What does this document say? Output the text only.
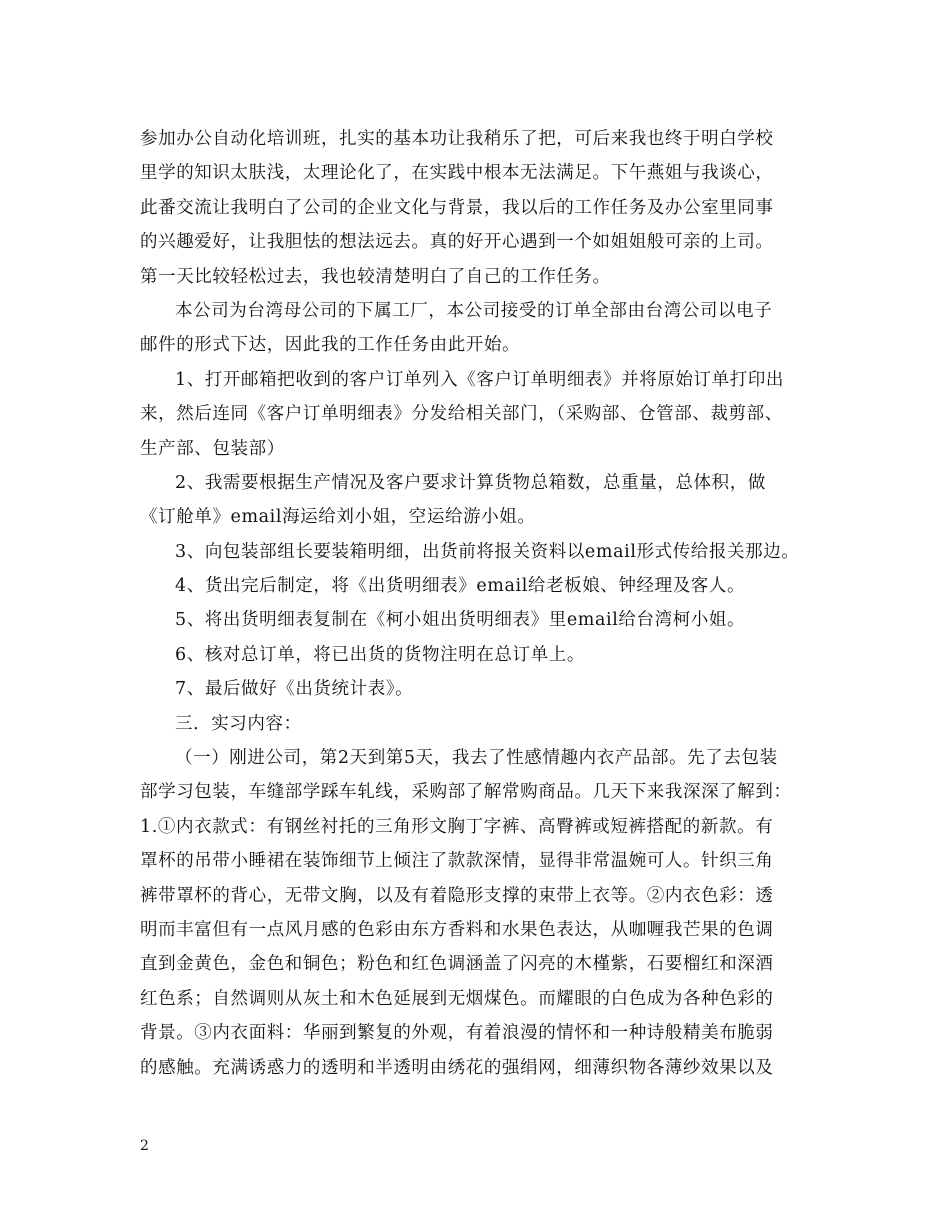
参加办公自动化培训班，扎实的基本功让我稍乐了把，可后来我也终于明白学校
里学的知识太肤浅，太理论化了，在实践中根本无法满足。下午燕姐与我谈心，
此番交流让我明白了公司的企业文化与背景，我以后的工作任务及办公室里同事
的兴趣爱好，让我胆怯的想法远去。真的好开心遇到一个如姐姐般可亲的上司。
第一天比较轻松过去，我也较清楚明白了自己的工作任务。
本公司为台湾母公司的下属工厂，本公司接受的订单全部由台湾公司以电子
邮件的形式下达，因此我的工作任务由此开始。
1、打开邮箱把收到的客户订单列入《客户订单明细表》并将原始订单打印出
来，然后连同《客户订单明细表》分发给相关部门，（采购部、仓管部、裁剪部、
生产部、包装部）
2、我需要根据生产情况及客户要求计算货物总箱数，总重量，总体积，做
《订舱单》email海运给刘小姐，空运给游小姐。
3、向包装部组长要装箱明细，出货前将报关资料以email形式传给报关那边。
4、货出完后制定，将《出货明细表》email给老板娘、钟经理及客人。
5、将出货明细表复制在《柯小姐出货明细表》里email给台湾柯小姐。
6、核对总订单，将已出货的货物注明在总订单上。
7、最后做好《出货统计表》。
三．实习内容：
（一）刚进公司，第2天到第5天，我去了性感情趣内衣产品部。先了去包装
部学习包装，车缝部学踩车轧线，采购部了解常购商品。几天下来我深深了解到：
1.①内衣款式：有钢丝衬托的三角形文胸丁字裤、高臀裤或短裤搭配的新款。有
罩杯的吊带小睡裙在装饰细节上倾注了款款深情，显得非常温婉可人。针织三角
裤带罩杯的背心，无带文胸，以及有着隐形支撑的束带上衣等。②内衣色彩：透
明而丰富但有一点风月感的色彩由东方香料和水果色表达，从咖喱我芒果的色调
直到金黄色，金色和铜色；粉色和红色调涵盖了闪亮的木槿紫，石要榴红和深酒
红色系；自然调则从灰土和木色延展到无烟煤色。而耀眼的白色成为各种色彩的
背景。③内衣面料：华丽到繁复的外观，有着浪漫的情怀和一种诗般精美布脆弱
的感触。充满诱惑力的透明和半透明由绣花的强绢网，细薄织物各薄纱效果以及
2
